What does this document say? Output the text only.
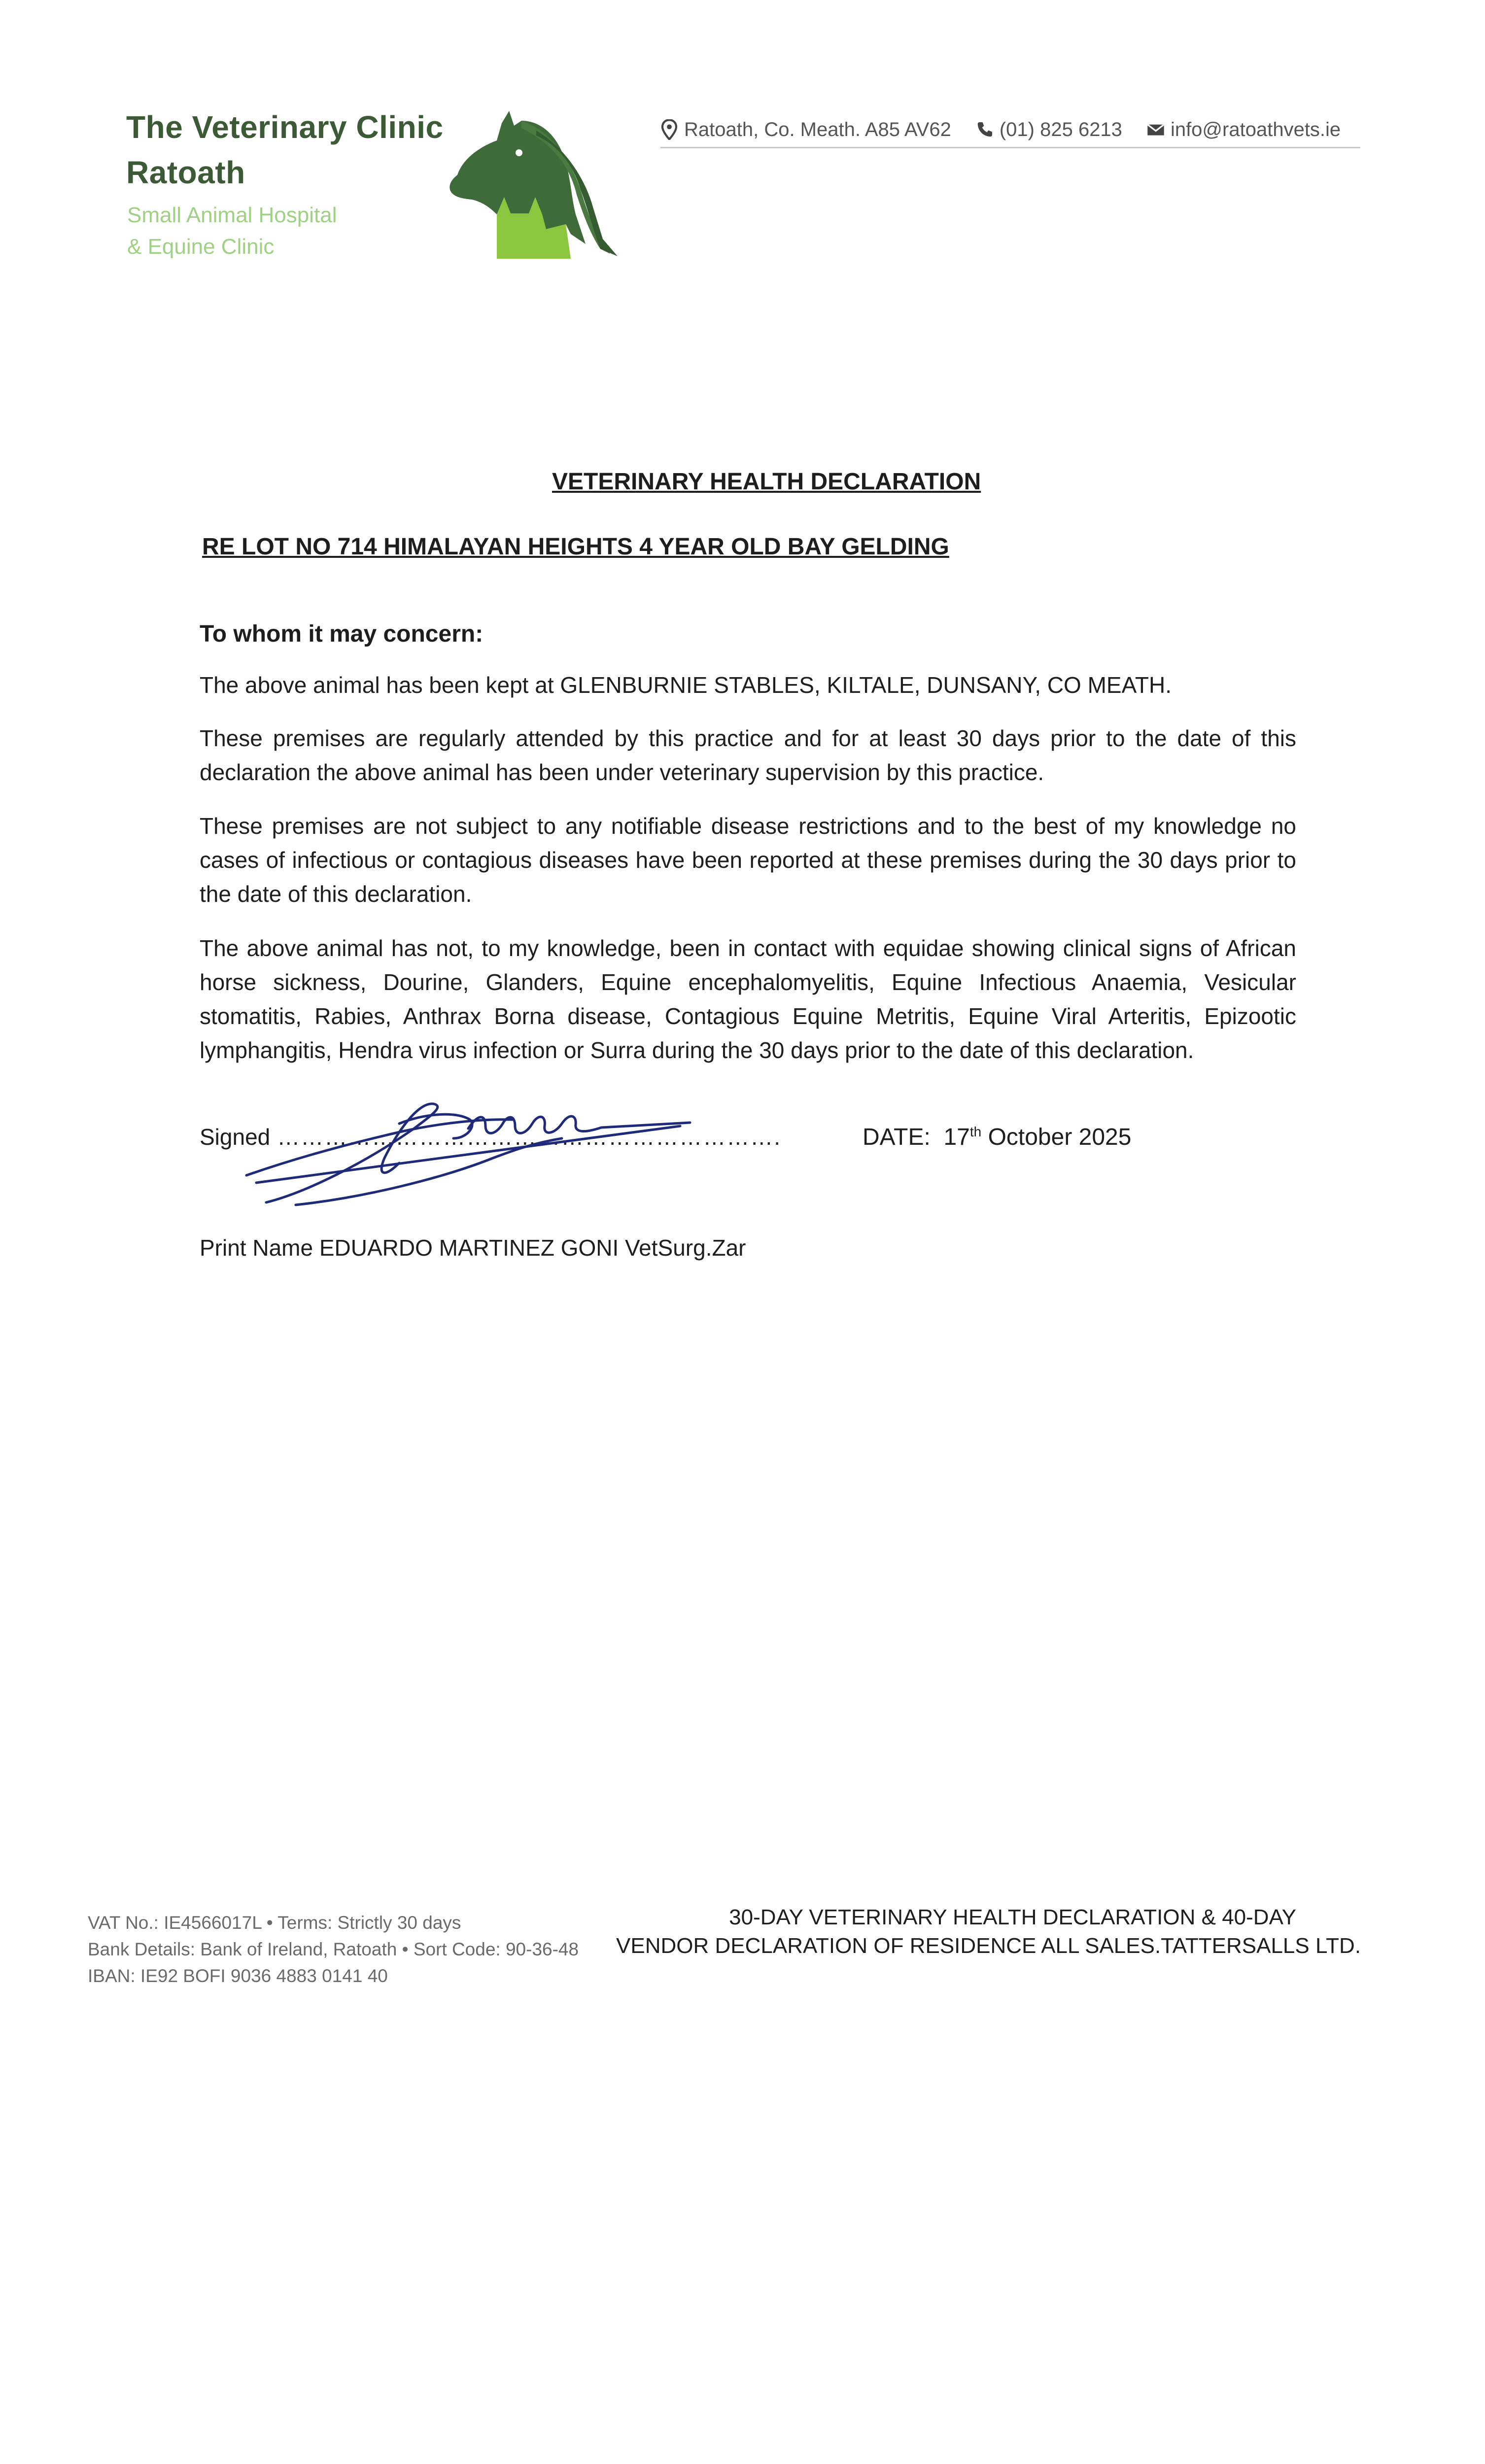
The Veterinary Clinic
Ratoath
Small Animal Hospital
& Equine Clinic
Ratoath, Co. Meath. A85 AV62 (01) 825 6213 info@ratoathvets.ie
VETERINARY HEALTH DECLARATION
RE LOT NO 714 HIMALAYAN HEIGHTS 4 YEAR OLD BAY GELDING
To whom it may concern:

The above animal has been kept at GLENBURNIE STABLES, KILTALE, DUNSANY, CO MEATH.

These premises are regularly attended by this practice and for at least 30 days prior to the date of this declaration the above animal has been under veterinary supervision by this practice.

These premises are not subject to any notifiable disease restrictions and to the best of my knowledge no cases of infectious or contagious diseases have been reported at these premises during the 30 days prior to the date of this declaration.

The above animal has not, to my knowledge, been in contact with equidae showing clinical signs of African horse sickness, Dourine, Glanders, Equine encephalomyelitis, Equine Infectious Anaemia, Vesicular stomatitis, Rabies, Anthrax Borna disease, Contagious Equine Metritis, Equine Viral Arteritis, Epizootic lymphangitis, Hendra virus infection or Surra during the 30 days prior to the date of this declaration.

Signed ……………………………………………………….	DATE: 17th October 2025
Print Name EDUARDO MARTINEZ GONI VetSurg.Zar
VAT No.: IE4566017L • Terms: Strictly 30 days
Bank Details: Bank of Ireland, Ratoath • Sort Code: 90-36-48
IBAN: IE92 BOFI 9036 4883 0141 40
30-DAY VETERINARY HEALTH DECLARATION & 40-DAY
VENDOR DECLARATION OF RESIDENCE ALL SALES.TATTERSALLS LTD.
